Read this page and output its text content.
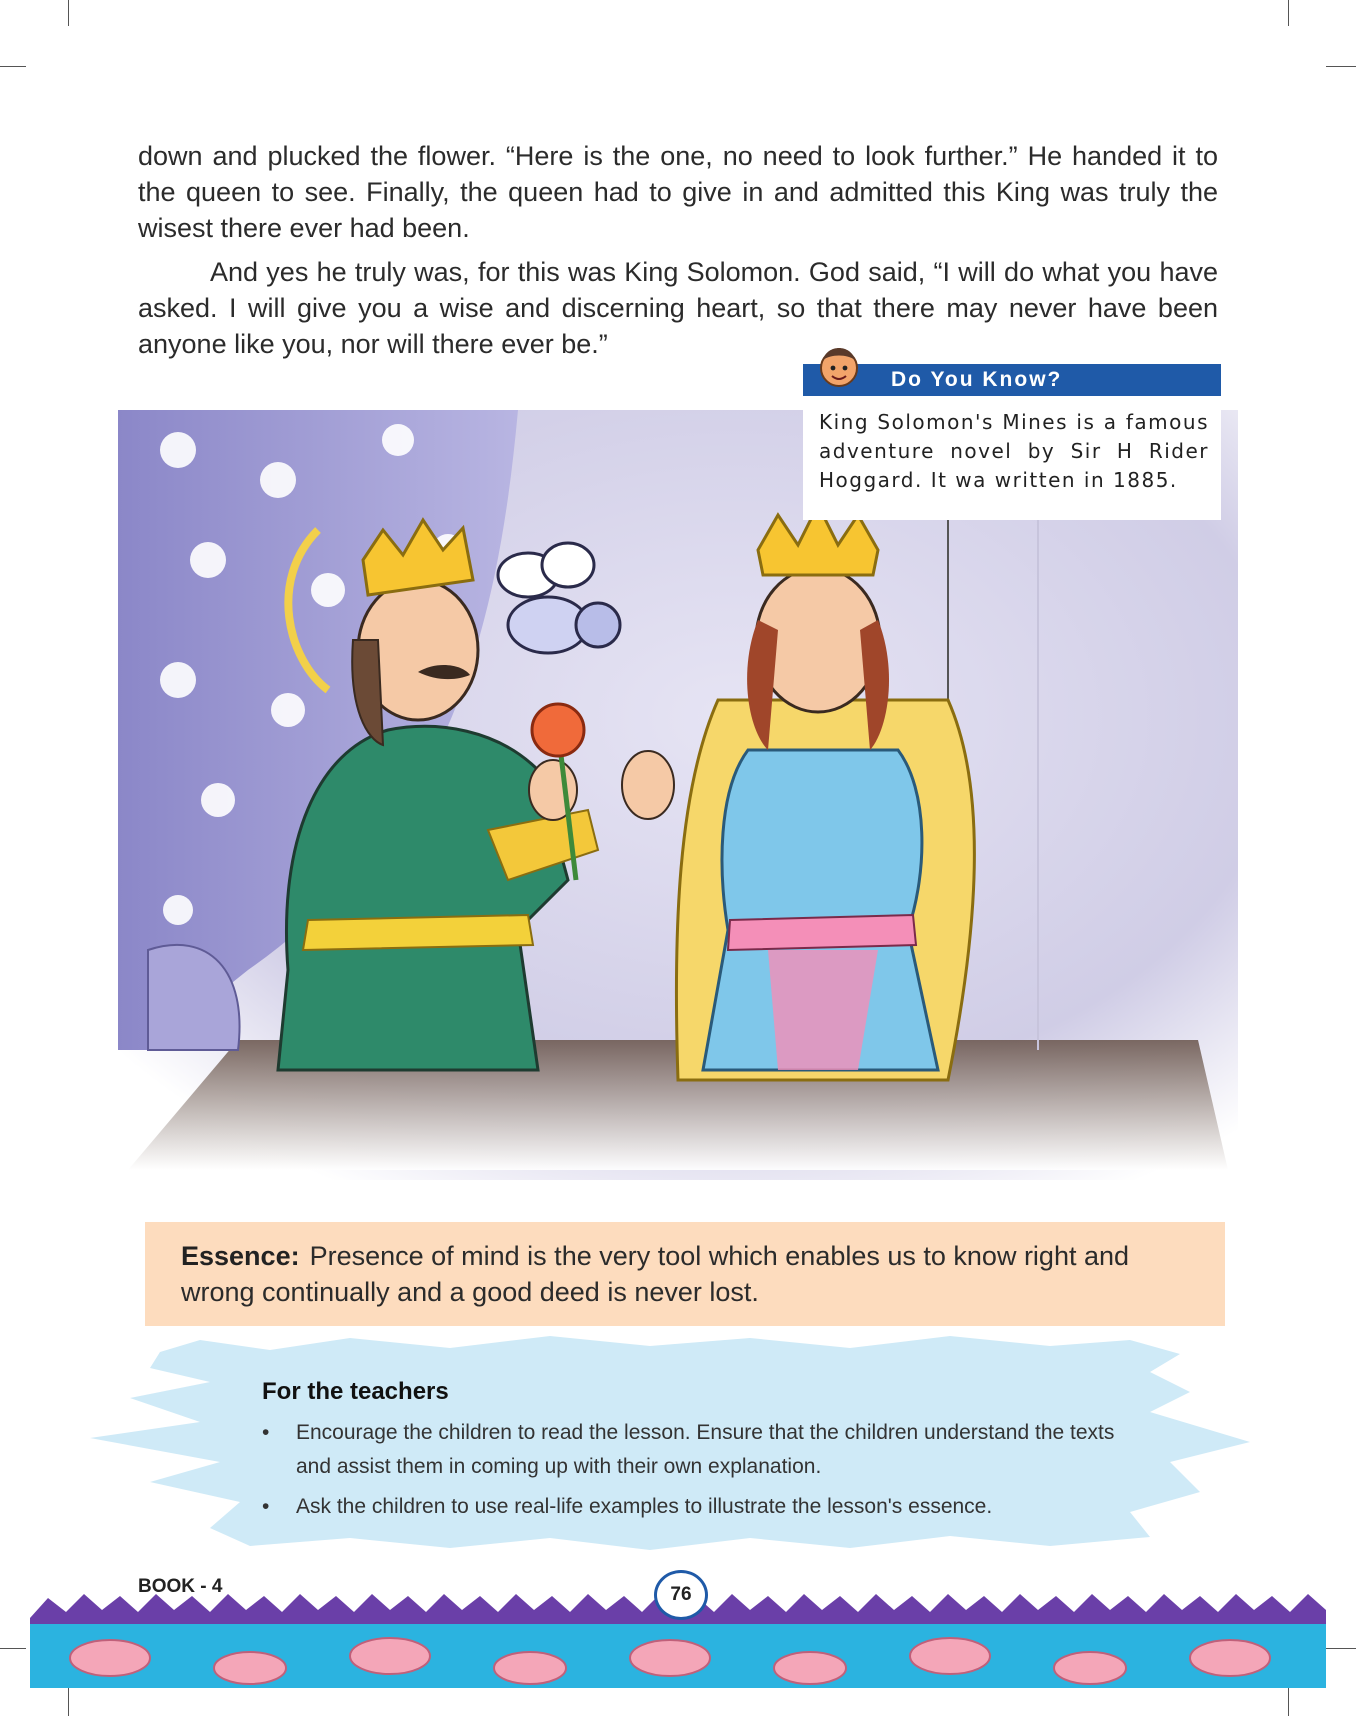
down and plucked the flower. “Here is the one, no need to look further.” He handed it to the queen to see. Finally, the queen had to give in and admitted this King was truly the wisest there ever had been.

And yes he truly was, for this was King Solomon. God said, “I will do what you have asked. I will give you a wise and discerning heart, so that there may never have been anyone like you, nor will there ever be.”

Do You Know?

King Solomon's Mines is a famous adventure novel by Sir H Rider Hoggard. It wa written in 1885.

Essence: Presence of mind is the very tool which enables us to know right and wrong continually and a good deed is never lost.

For the teachers
• Encourage the children to read the lesson. Ensure that the children understand the texts and assist them in coming up with their own explanation.
• Ask the children to use real-life examples to illustrate the lesson's essence.
BOOK - 4	76
